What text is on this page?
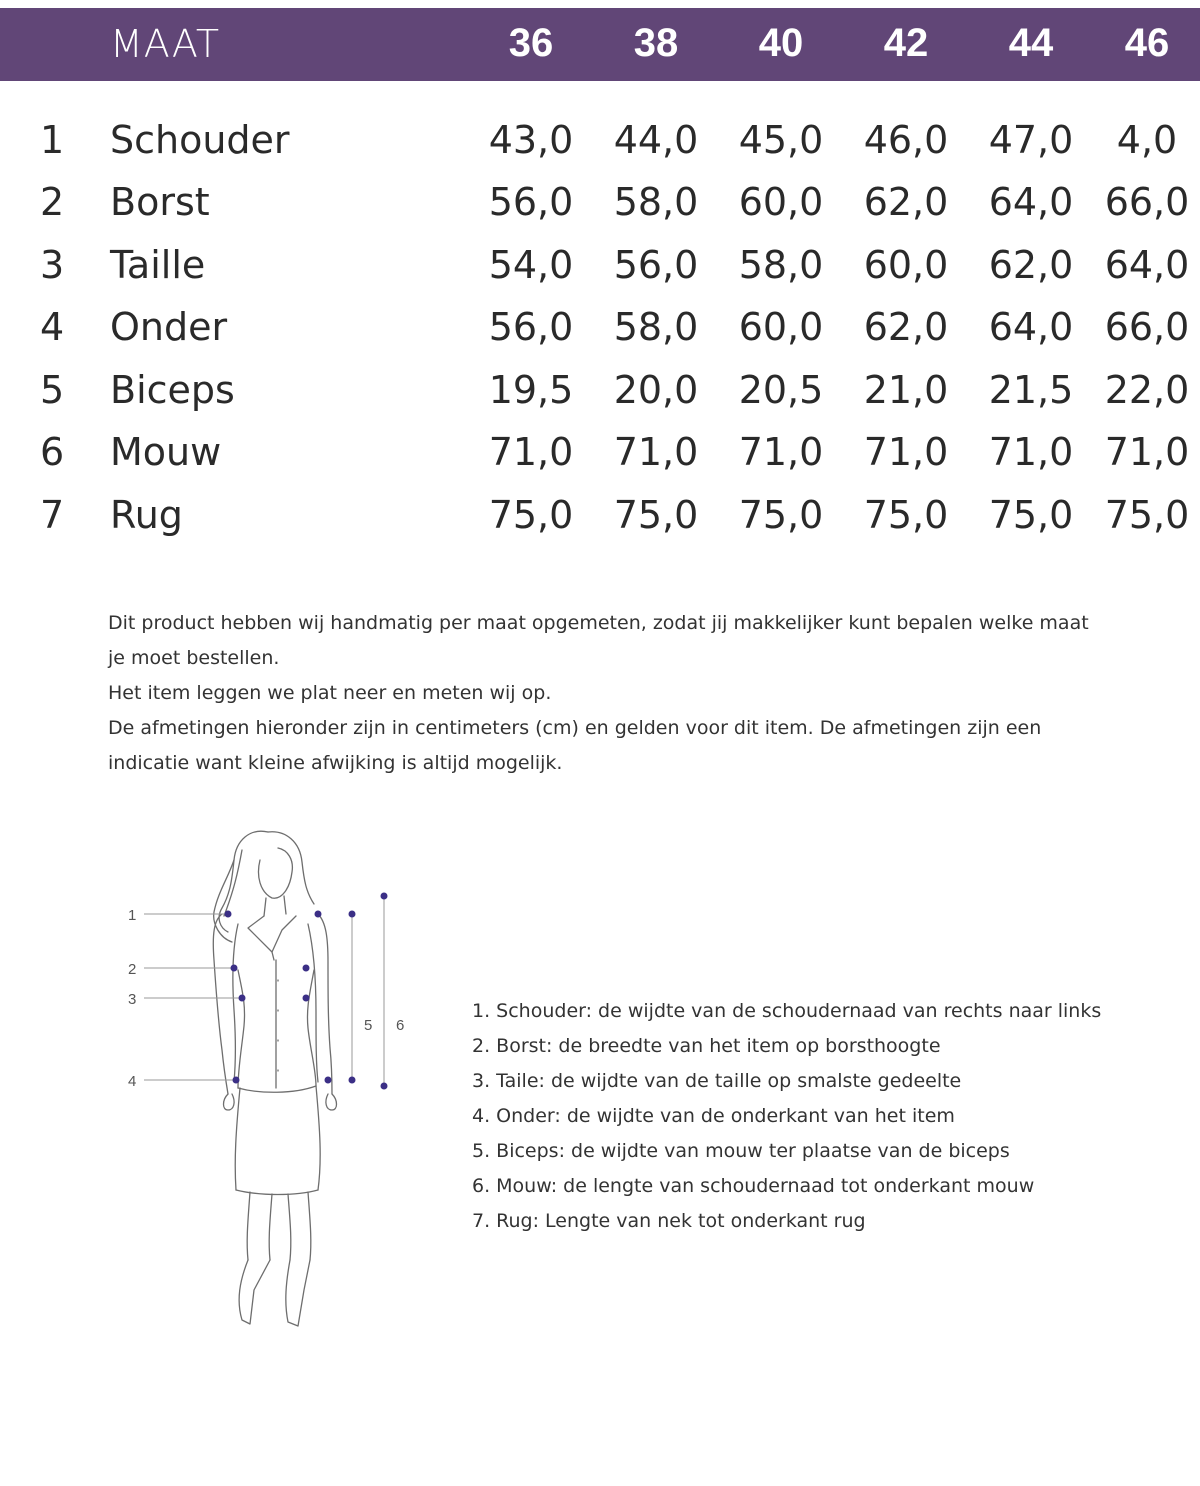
MAAT	36	38	40	42	44	46
1 Schouder	43,0	44,0	45,0	46,0	47,0	4,0
2 Borst	56,0	58,0	60,0	62,0	64,0 66,0
3 Taille	54,0	56,0	58,0	60,0	62,0 64,0
4 Onder	56,0	58,0	60,0	62,0	64,0 66,0
5 Biceps	19,5	20,0	20,5	21,0	21,5 22,0
6 Mouw	71,0	71,0	71,0	71,0	71,0 71,0
7 Rug	75,0	75,0	75,0	75,0	75,0 75,0

Dit product hebben wij handmatig per maat opgemeten, zodat jij makkelijker kunt bepalen welke maat je moet bestellen.

Het item leggen we plat neer en meten wij op.

De afmetingen hieronder zijn in centimeters (cm) en gelden voor dit item. De afmetingen zijn een indicatie want kleine afwijking is altijd mogelijk.

1
2
3
4
5 6
1. Schouder: de wijdte van de schoudernaad van rechts naar links
2. Borst: de breedte van het item op borsthoogte
3. Taile: de wijdte van de taille op smalste gedeelte
4. Onder: de wijdte van de onderkant van het item
5. Biceps: de wijdte van mouw ter plaatse van de biceps
6. Mouw: de lengte van schoudernaad tot onderkant mouw
7. Rug: Lengte van nek tot onderkant rug
